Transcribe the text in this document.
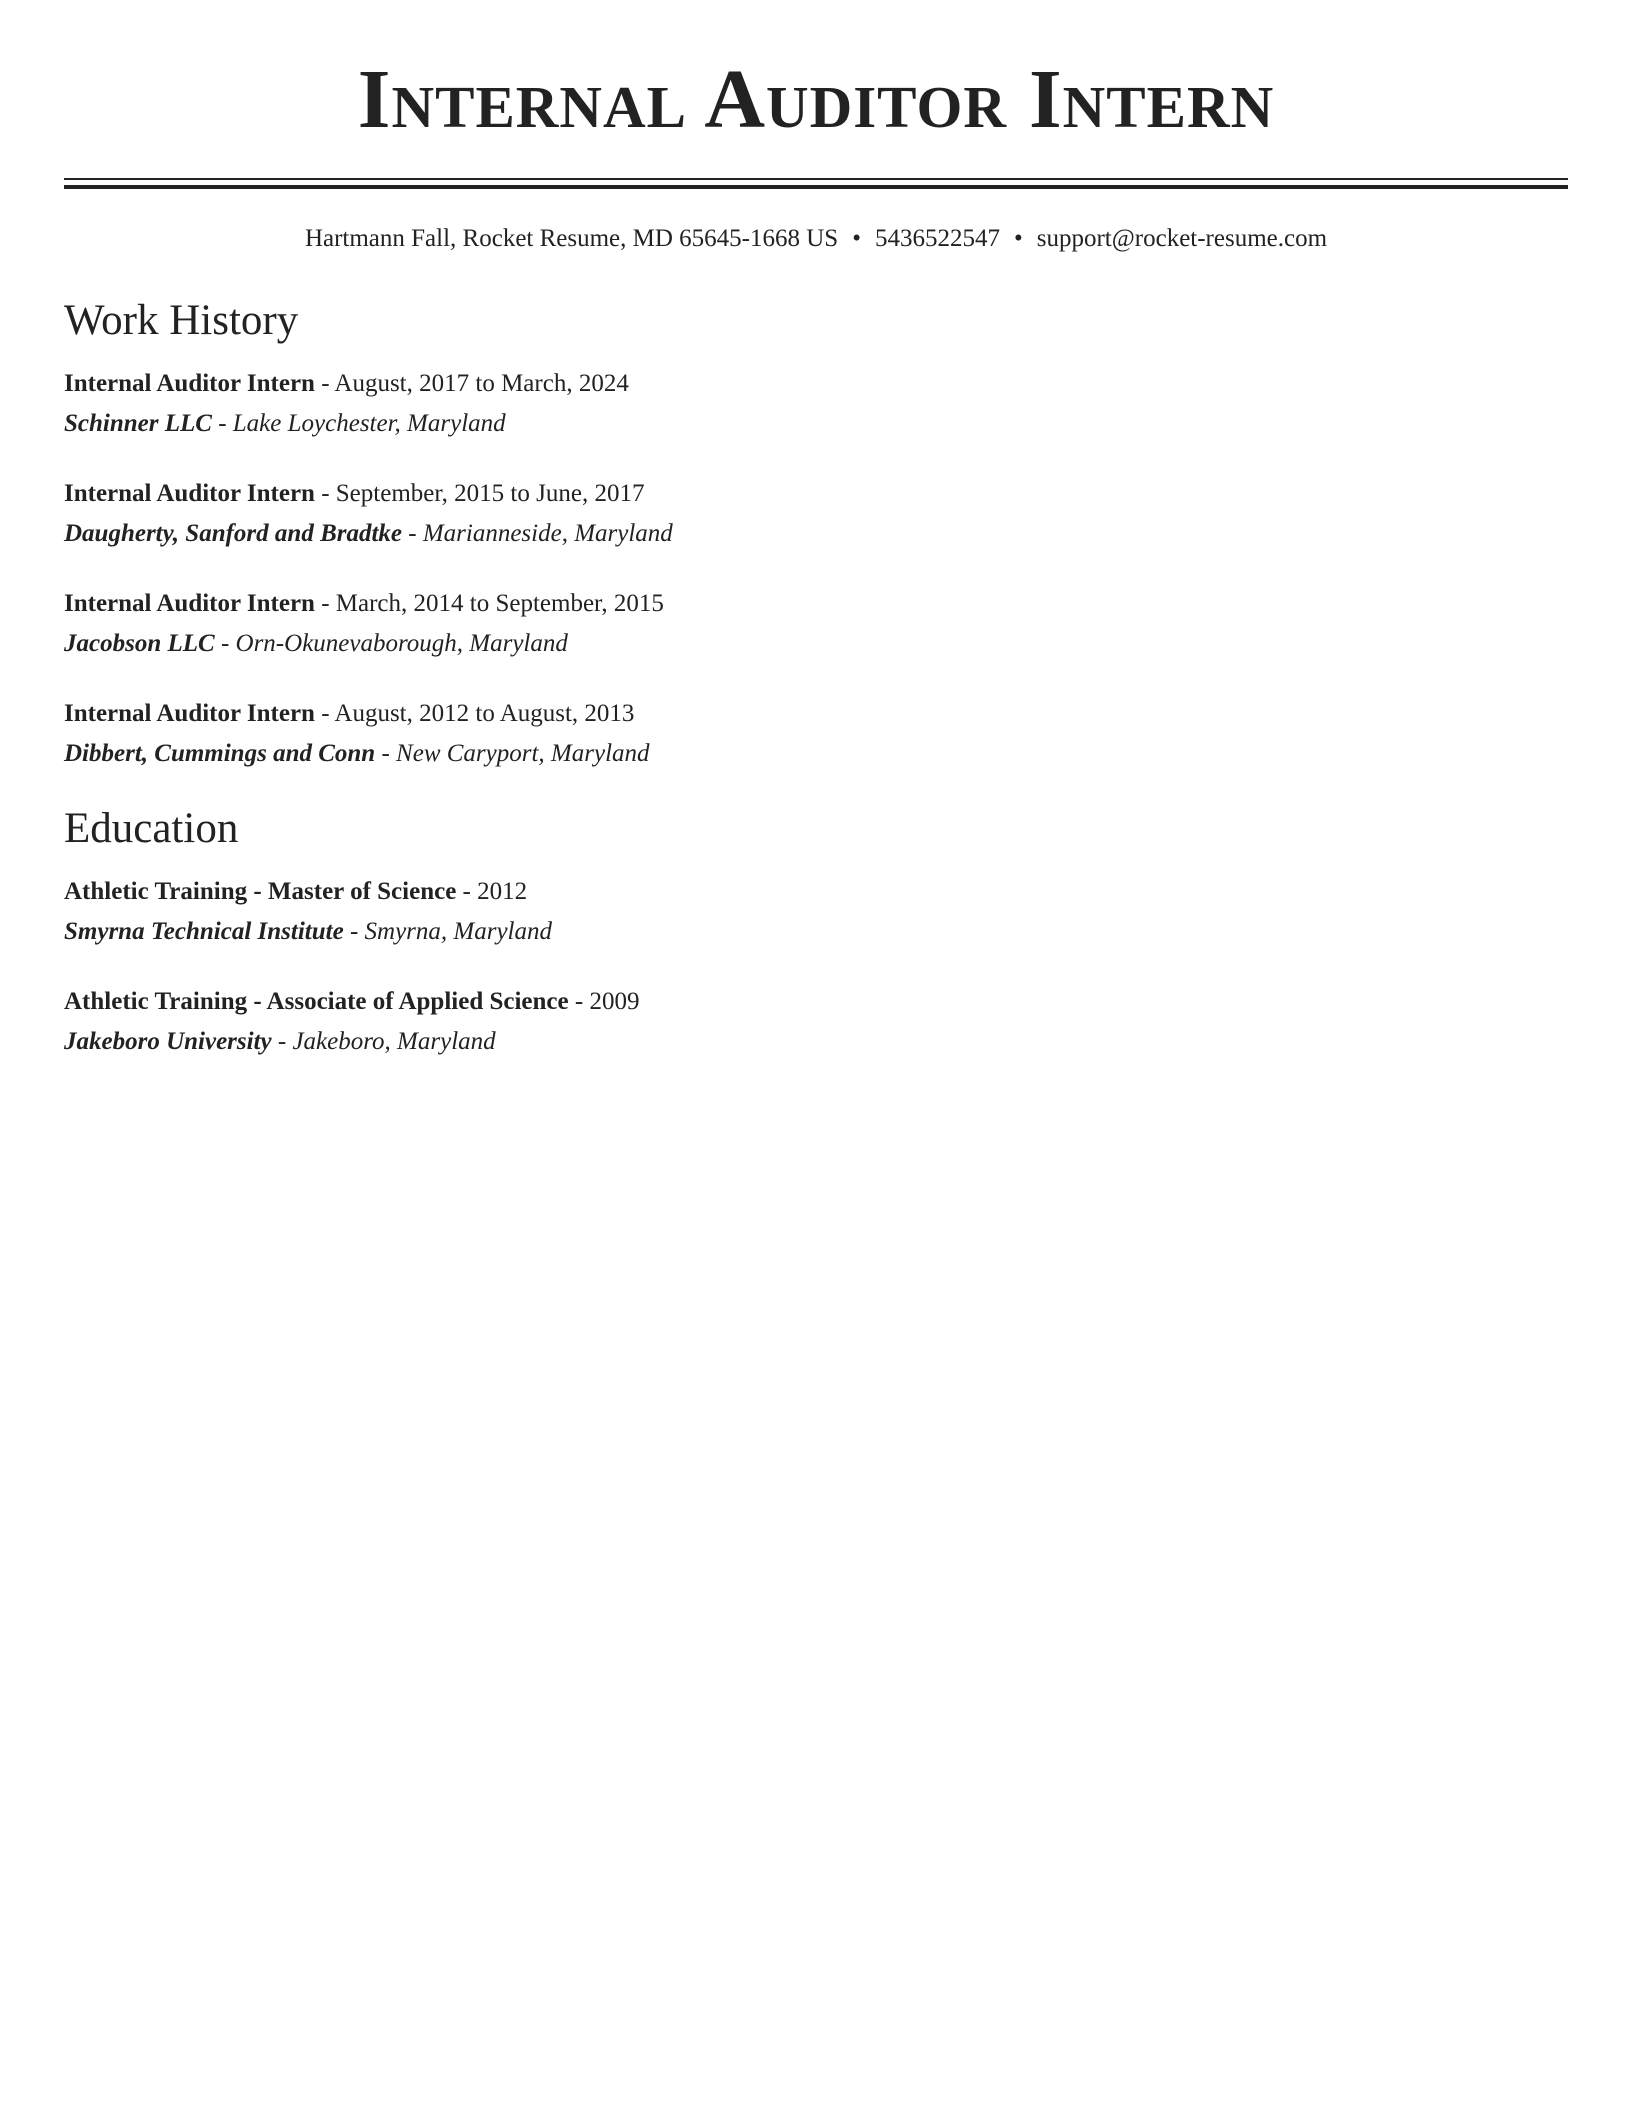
Internal Auditor Intern
Hartmann Fall, Rocket Resume, MD 65645-1668 US • 5436522547 • support@rocket-resume.com
Work History
Internal Auditor Intern - August, 2017 to March, 2024
Schinner LLC - Lake Loychester, Maryland
Internal Auditor Intern - September, 2015 to June, 2017
Daugherty, Sanford and Bradtke - Marianneside, Maryland
Internal Auditor Intern - March, 2014 to September, 2015
Jacobson LLC - Orn-Okunevaborough, Maryland
Internal Auditor Intern - August, 2012 to August, 2013
Dibbert, Cummings and Conn - New Caryport, Maryland
Education
Athletic Training - Master of Science - 2012
Smyrna Technical Institute - Smyrna, Maryland
Athletic Training - Associate of Applied Science - 2009
Jakeboro University - Jakeboro, Maryland
